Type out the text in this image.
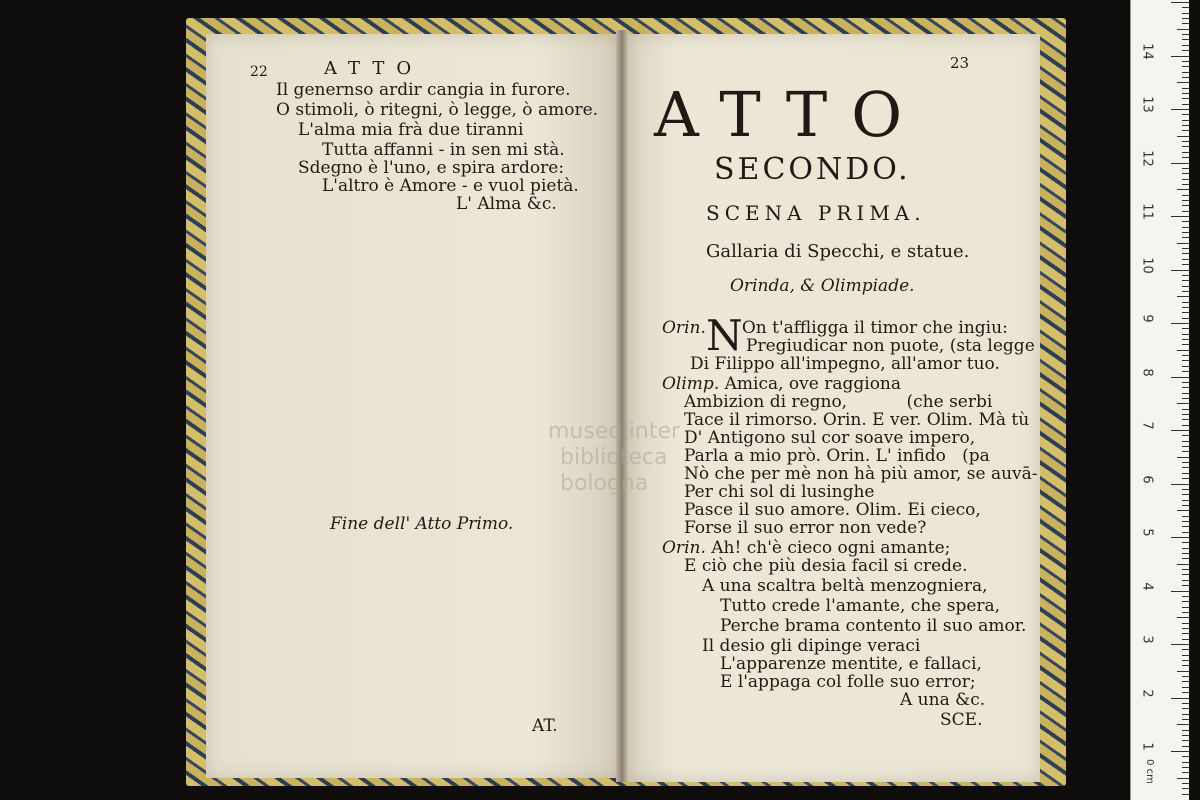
22	ATTO
Il genernso ardir cangia in furore.
O stimoli, ò ritegni, ò legge, ò amore.
L'alma mia frà due tiranni
Tutta affanni - in sen mi stà.
Sdegno è l'uno, e spira ardore:
L'altro è Amore - e vuol pietà.
L' Alma &c.
Fine dell' Atto Primo.
AT.
23
ATTO
SECONDO.
SCENA PRIMA.
Gallaria di Specchi, e statue.
Orinda, & Olimpiade.
N
Orin. On t'affligga il timor che ingiu:
Pregiudicar non puote, (sta legge
Di Filippo all'impegno, all'amor tuo.
Olimp. Amica, ove raggiona
Ambizion di regno,           (che serbi
Tace il rimorso. Orin. E ver. Olim. Mà tù
D' Antigono sul cor soave impero,
Parla a mio prò. Orin. L' infido   (pa
Nò che per mè non hà più amor, se auvā-
Per chi sol di lusinghe
Pasce il suo amore. Olim. Ei cieco,
Forse il suo error non vede?
Orin. Ah! ch'è cieco ogni amante;
E ciò che più desia facil si crede.
A una scaltra beltà menzogniera,
Tutto crede l'amante, che spera,
Perche brama contento il suo amor.
Il desio gli dipinge veraci
L'apparenze mentite, e fallaci,
E l'appaga col folle suo error;
A una &c.
SCE.
museo inter
biblioteca
bolognа
14
13
12
11
10
9
8
7
6
5
4
3
2
1
0 cm
